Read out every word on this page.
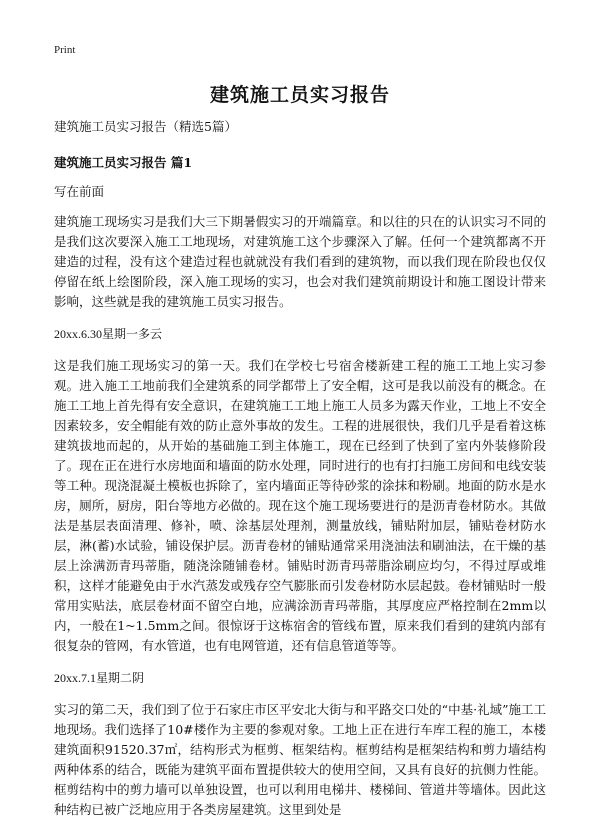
Print
建筑施工员实习报告
建筑施工员实习报告（精选5篇）
建筑施工员实习报告 篇1
写在前面
建筑施工现场实习是我们大三下期暑假实习的开端篇章。和以往的只在的认识实习不同的是我们这次要深入施工工地现场，对建筑施工这个步骤深入了解。任何一个建筑都离不开建造的过程，没有这个建造过程也就就没有我们看到的建筑物，而以我们现在阶段也仅仅停留在纸上绘图阶段，深入施工现场的实习，也会对我们建筑前期设计和施工图设计带来影响，这些就是我的建筑施工员实习报告。
20xx.6.30星期一多云
这是我们施工现场实习的第一天。我们在学校七号宿舍楼新建工程的施工工地上实习参观。进入施工工地前我们全建筑系的同学都带上了安全帽，这可是我以前没有的概念。在施工工地上首先得有安全意识，在建筑施工工地上施工人员多为露天作业，工地上不安全因素较多，安全帽能有效的防止意外事故的发生。工程的进展很快，我们几乎是看着这栋建筑拔地而起的，从开始的基础施工到主体施工，现在已经到了快到了室内外装修阶段了。现在正在进行水房地面和墙面的防水处理，同时进行的也有打扫施工房间和电线安装等工种。现浇混凝土模板也拆除了，室内墙面正等待砂浆的涂抹和粉刷。地面的防水是水房，厕所，厨房，阳台等地方必做的。现在这个施工现场要进行的是沥青卷材防水。其做法是基层表面清理、修补，喷、涂基层处理剂，测量放线，铺贴附加层，铺贴卷材防水层，淋(蓄)水试验，铺设保护层。沥青卷材的铺贴通常采用浇油法和刷油法，在干燥的基层上涂满沥青玛蒂脂，随浇涂随铺卷材。铺贴时沥青玛蒂脂涂刷应均匀，不得过厚或堆积，这样才能避免由于水汽蒸发或残存空气膨胀而引发卷材防水层起鼓。卷材铺贴时一般常用实贴法，底层卷材面不留空白地，应满涂沥青玛蒂脂，其厚度应严格控制在2mm以内，一般在1~1.5mm之间。很惊讶于这栋宿舍的管线布置，原来我们看到的建筑内部有很复杂的管网，有水管道，也有电网管道，还有信息管道等等。
20xx.7.1星期二阴
实习的第二天，我们到了位于石家庄市区平安北大街与和平路交口处的“中基·礼域”施工工地现场。我们选择了10#楼作为主要的参观对象。工地上正在进行车库工程的施工，本楼建筑面积91520.37㎡，结构形式为框剪、框架结构。框剪结构是框架结构和剪力墙结构两种体系的结合，既能为建筑平面布置提供较大的使用空间，又具有良好的抗侧力性能。框剪结构中的剪力墙可以单独设置，也可以利用电梯井、楼梯间、管道井等墙体。因此这种结构已被广泛地应用于各类房屋建筑。这里到处是
